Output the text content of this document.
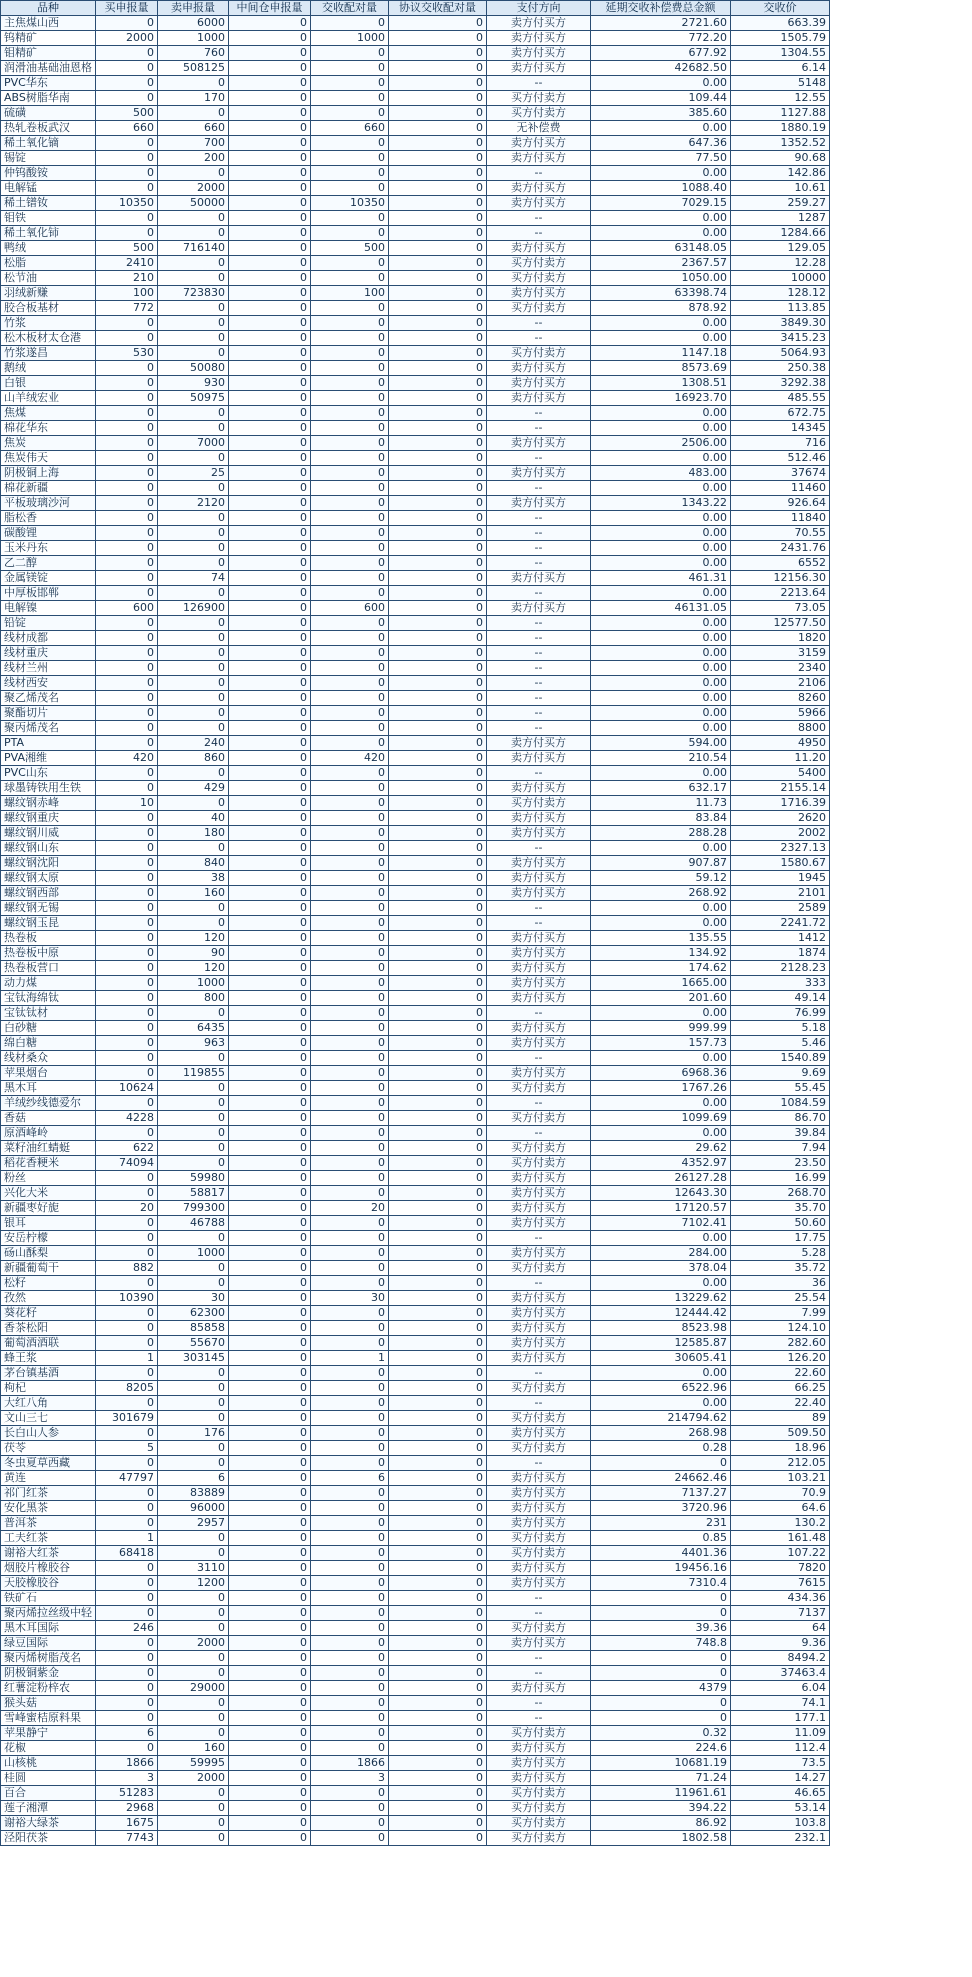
品种	买申报量	卖申报量	中间仓申报量	交收配对量	协议交收配对量	支付方向	延期交收补偿费总金额	交收价
主焦煤山西	0	6000	0	0	0	卖方付买方	2721.60	663.39
钨精矿	2000	1000	0	1000	0	卖方付买方	772.20	1505.79
钼精矿	0	760	0	0	0	卖方付买方	677.92	1304.55
润滑油基础油恩格	0	508125	0	0	0	卖方付买方	42682.50	6.14
PVC华东	0	0	0	0	0	--	0.00	5148
ABS树脂华南	0	170	0	0	0	买方付卖方	109.44	12.55
硫磺	500	0	0	0	0	买方付卖方	385.60	1127.88
热轧卷板武汉	660	660	0	660	0	无补偿费	0.00	1880.19
稀土氧化镝	0	700	0	0	0	卖方付买方	647.36	1352.52
锡锭	0	200	0	0	0	卖方付买方	77.50	90.68
仲钨酸铵	0	0	0	0	0	--	0.00	142.86
电解锰	0	2000	0	0	0	卖方付买方	1088.40	10.61
稀土镨钕	10350	50000	0	10350	0	卖方付买方	7029.15	259.27
钼铁	0	0	0	0	0	--	0.00	1287
稀土氧化铈	0	0	0	0	0	--	0.00	1284.66
鸭绒	500	716140	0	500	0	卖方付买方	63148.05	129.05
松脂	2410	0	0	0	0	买方付卖方	2367.57	12.28
松节油	210	0	0	0	0	买方付卖方	1050.00	10000
羽绒新赚	100	723830	0	100	0	卖方付买方	63398.74	128.12
胶合板基材	772	0	0	0	0	买方付卖方	878.92	113.85
竹浆	0	0	0	0	0	--	0.00	3849.30
松木板材太仓港	0	0	0	0	0	--	0.00	3415.23
竹浆遂昌	530	0	0	0	0	买方付卖方	1147.18	5064.93
鹅绒	0	50080	0	0	0	卖方付买方	8573.69	250.38
白银	0	930	0	0	0	卖方付买方	1308.51	3292.38
山羊绒宏业	0	50975	0	0	0	卖方付买方	16923.70	485.55
焦煤	0	0	0	0	0	--	0.00	672.75
棉花华东	0	0	0	0	0	--	0.00	14345
焦炭	0	7000	0	0	0	卖方付买方	2506.00	716
焦炭伟天	0	0	0	0	0	--	0.00	512.46
阴极铜上海	0	25	0	0	0	卖方付买方	483.00	37674
棉花新疆	0	0	0	0	0	--	0.00	11460
平板玻璃沙河	0	2120	0	0	0	卖方付买方	1343.22	926.64
脂松香	0	0	0	0	0	--	0.00	11840
碳酸锂	0	0	0	0	0	--	0.00	70.55
玉米丹东	0	0	0	0	0	--	0.00	2431.76
乙二醇	0	0	0	0	0	--	0.00	6552
金属镁锭	0	74	0	0	0	卖方付买方	461.31	12156.30
中厚板邯郸	0	0	0	0	0	--	0.00	2213.64
电解镍	600	126900	0	600	0	卖方付买方	46131.05	73.05
铅锭	0	0	0	0	0	--	0.00	12577.50
线材成都	0	0	0	0	0	--	0.00	1820
线材重庆	0	0	0	0	0	--	0.00	3159
线材兰州	0	0	0	0	0	--	0.00	2340
线材西安	0	0	0	0	0	--	0.00	2106
聚乙烯茂名	0	0	0	0	0	--	0.00	8260
聚酯切片	0	0	0	0	0	--	0.00	5966
聚丙烯茂名	0	0	0	0	0	--	0.00	8800
PTA	0	240	0	0	0	卖方付买方	594.00	4950
PVA湘维	420	860	0	420	0	卖方付买方	210.54	11.20
PVC山东	0	0	0	0	0	--	0.00	5400
球墨铸铁用生铁	0	429	0	0	0	卖方付买方	632.17	2155.14
螺纹钢赤峰	10	0	0	0	0	买方付卖方	11.73	1716.39
螺纹钢重庆	0	40	0	0	0	卖方付买方	83.84	2620
螺纹钢川威	0	180	0	0	0	卖方付买方	288.28	2002
螺纹钢山东	0	0	0	0	0	--	0.00	2327.13
螺纹钢沈阳	0	840	0	0	0	卖方付买方	907.87	1580.67
螺纹钢太原	0	38	0	0	0	卖方付买方	59.12	1945
螺纹钢西部	0	160	0	0	0	卖方付买方	268.92	2101
螺纹钢无锡	0	0	0	0	0	--	0.00	2589
螺纹钢玉昆	0	0	0	0	0	--	0.00	2241.72
热卷板	0	120	0	0	0	卖方付买方	135.55	1412
热卷板中原	0	90	0	0	0	卖方付买方	134.92	1874
热卷板营口	0	120	0	0	0	卖方付买方	174.62	2128.23
动力煤	0	1000	0	0	0	卖方付买方	1665.00	333
宝钛海绵钛	0	800	0	0	0	卖方付买方	201.60	49.14
宝钛钛材	0	0	0	0	0	--	0.00	76.99
白砂糖	0	6435	0	0	0	卖方付买方	999.99	5.18
绵白糖	0	963	0	0	0	卖方付买方	157.73	5.46
线材桑众	0	0	0	0	0	--	0.00	1540.89
苹果烟台	0	119855	0	0	0	卖方付买方	6968.36	9.69
黑木耳	10624	0	0	0	0	买方付卖方	1767.26	55.45
羊绒纱线德爱尔	0	0	0	0	0	--	0.00	1084.59
香菇	4228	0	0	0	0	买方付卖方	1099.69	86.70
原酒峰岭	0	0	0	0	0	--	0.00	39.84
菜籽油红蜻蜓	622	0	0	0	0	买方付卖方	29.62	7.94
稻花香粳米	74094	0	0	0	0	买方付卖方	4352.97	23.50
粉丝	0	59980	0	0	0	卖方付买方	26127.28	16.99
兴化大米	0	58817	0	0	0	卖方付买方	12643.30	268.70
新疆枣好旎	20	799300	0	20	0	卖方付买方	17120.57	35.70
银耳	0	46788	0	0	0	卖方付买方	7102.41	50.60
安岳柠檬	0	0	0	0	0	--	0.00	17.75
砀山酥梨	0	1000	0	0	0	卖方付买方	284.00	5.28
新疆葡萄干	882	0	0	0	0	买方付卖方	378.04	35.72
松籽	0	0	0	0	0	--	0.00	36
孜然	10390	30	0	30	0	卖方付买方	13229.62	25.54
葵花籽	0	62300	0	0	0	卖方付买方	12444.42	7.99
香茶松阳	0	85858	0	0	0	卖方付买方	8523.98	124.10
葡萄酒酒联	0	55670	0	0	0	卖方付买方	12585.87	282.60
蜂王浆	1	303145	0	1	0	卖方付买方	30605.41	126.20
茅台镇基酒	0	0	0	0	0	--	0.00	22.60
枸杞	8205	0	0	0	0	买方付卖方	6522.96	66.25
大红八角	0	0	0	0	0	--	0.00	22.40
文山三七	301679	0	0	0	0	买方付卖方	214794.62	89
长白山人参	0	176	0	0	0	卖方付买方	268.98	509.50
茯苓	5	0	0	0	0	买方付卖方	0.28	18.96
冬虫夏草西藏	0	0	0	0	0	--	0	212.05
黄连	47797	6	0	6	0	卖方付买方	24662.46	103.21
祁门红茶	0	83889	0	0	0	卖方付买方	7137.27	70.9
安化黑茶	0	96000	0	0	0	卖方付买方	3720.96	64.6
普洱茶	0	2957	0	0	0	卖方付买方	231	130.2
工夫红茶	1	0	0	0	0	买方付卖方	0.85	161.48
谢裕大红茶	68418	0	0	0	0	买方付卖方	4401.36	107.22
烟胶片橡胶谷	0	3110	0	0	0	卖方付买方	19456.16	7820
天胶橡胶谷	0	1200	0	0	0	卖方付买方	7310.4	7615
铁矿石	0	0	0	0	0	--	0	434.36
聚丙烯拉丝级中轻	0	0	0	0	0	--	0	7137
黑木耳国际	246	0	0	0	0	买方付卖方	39.36	64
绿豆国际	0	2000	0	0	0	卖方付买方	748.8	9.36
聚丙烯树脂茂名	0	0	0	0	0	--	0	8494.2
阴极铜紫金	0	0	0	0	0	--	0	37463.4
红薯淀粉梓农	0	29000	0	0	0	卖方付买方	4379	6.04
猴头菇	0	0	0	0	0	--	0	74.1
雪峰蜜桔原料果	0	0	0	0	0	--	0	177.1
苹果静宁	6	0	0	0	0	买方付卖方	0.32	11.09
花椒	0	160	0	0	0	卖方付买方	224.6	112.4
山核桃	1866	59995	0	1866	0	卖方付买方	10681.19	73.5
桂圆	3	2000	0	3	0	卖方付买方	71.24	14.27
百合	51283	0	0	0	0	买方付卖方	11961.61	46.65
莲子湘潭	2968	0	0	0	0	买方付卖方	394.22	53.14
谢裕大绿茶	1675	0	0	0	0	买方付卖方	86.92	103.8
泾阳茯茶	7743	0	0	0	0	买方付卖方	1802.58	232.1
